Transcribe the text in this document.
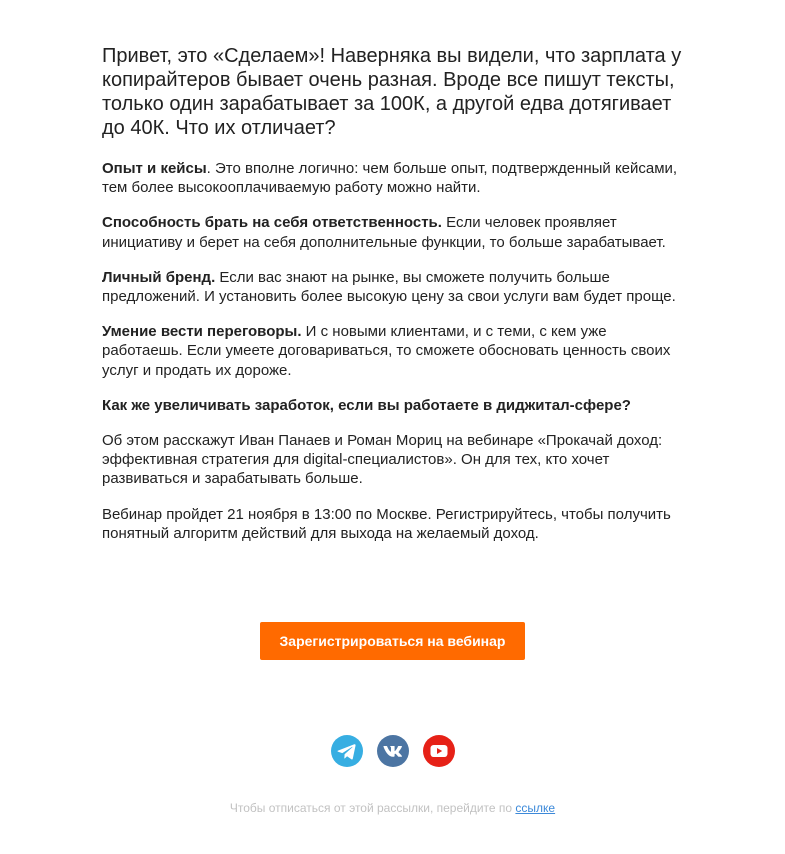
Привет, это «Сделаем»! Наверняка вы видели, что зарплата у копирайтеров бывает очень разная. Вроде все пишут тексты, только один зарабатывает за 100К, а другой едва дотягивает до 40К. Что их отличает?

Опыт и кейсы. Это вполне логично: чем больше опыт, подтвержденный кейсами, тем более высокооплачиваемую работу можно найти.

Способность брать на себя ответственность. Если человек проявляет инициативу и берет на себя дополнительные функции, то больше зарабатывает.

Личный бренд. Если вас знают на рынке, вы сможете получить больше предложений. И установить более высокую цену за свои услуги вам будет проще.

Умение вести переговоры. И с новыми клиентами, и с теми, с кем уже работаешь. Если умеете договариваться, то сможете обосновать ценность своих услуг и продать их дороже.

Как же увеличивать заработок, если вы работаете в диджитал-сфере?

Об этом расскажут Иван Панаев и Роман Мориц на вебинаре «Прокачай доход: эффективная стратегия для digital-специалистов». Он для тех, кто хочет развиваться и зарабатывать больше.

Вебинар пройдет 21 ноября в 13:00 по Москве. Регистрируйтесь, чтобы получить понятный алгоритм действий для выхода на желаемый доход.

Зарегистрироваться на вебинар

Чтобы отписаться от этой рассылки, перейдите по ссылке
